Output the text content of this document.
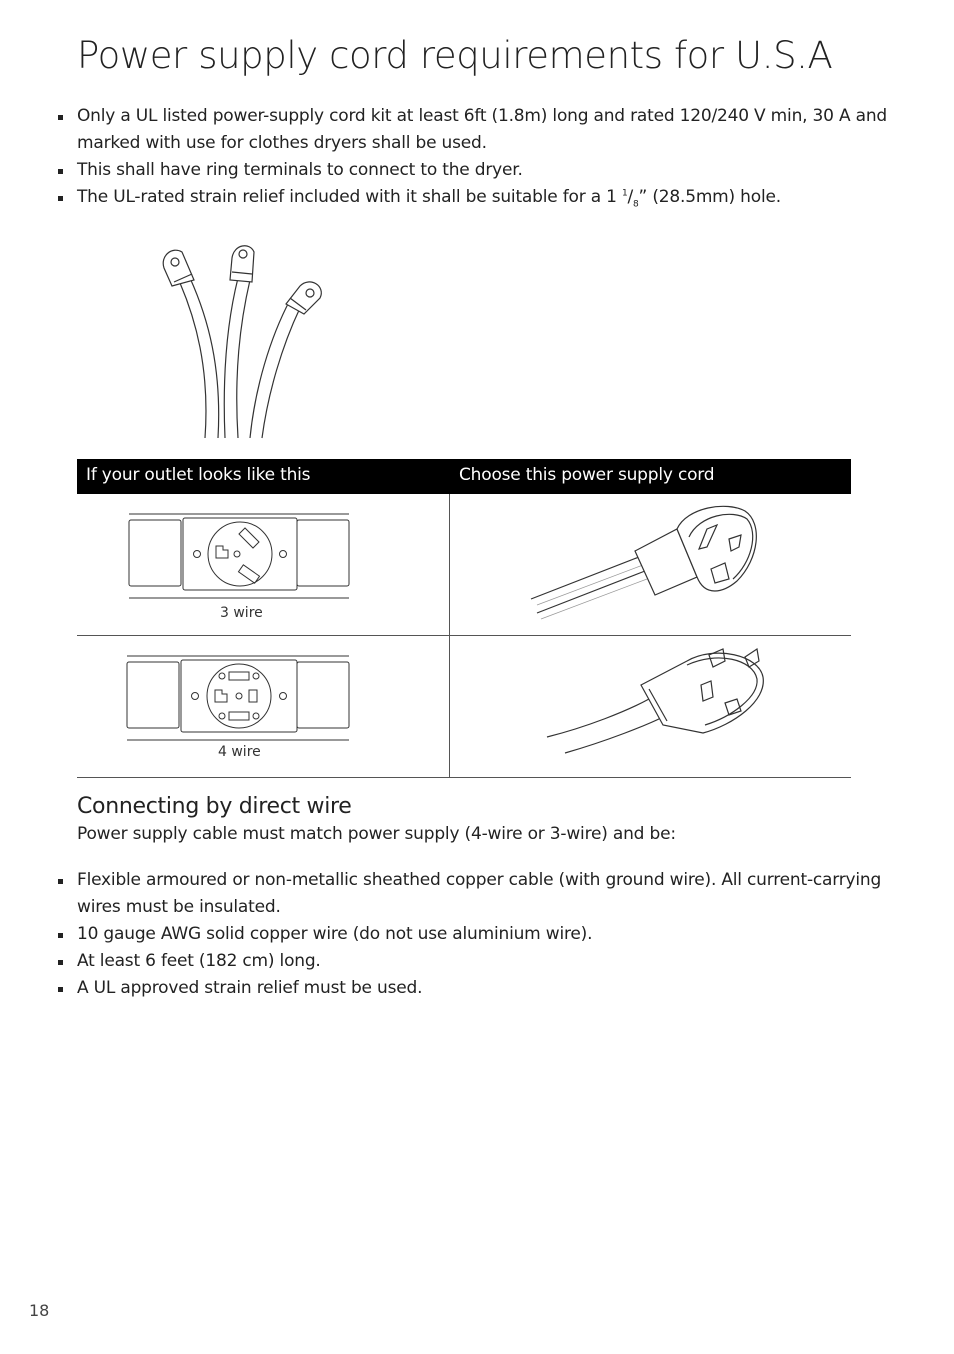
Power supply cord requirements for U.S.A
Only a UL listed power-supply cord kit at least 6ft (1.8m) long and rated 120/240 V min, 30 A and marked with use for clothes dryers shall be used.
This shall have ring terminals to connect to the dryer.
The UL-rated strain relief included with it shall be suitable for a 1 $^1/_8$” (28.5mm) hole.
If your outlet looks like this	Choose this power supply cord
3 wire
4 wire
Connecting by direct wire
Power supply cable must match power supply (4-wire or 3-wire) and be:
Flexible armoured or non-metallic sheathed copper cable (with ground wire). All current-carrying wires must be insulated.
10 gauge AWG solid copper wire (do not use aluminium wire).
At least 6 feet (182 cm) long.
A UL approved strain relief must be used.
18
